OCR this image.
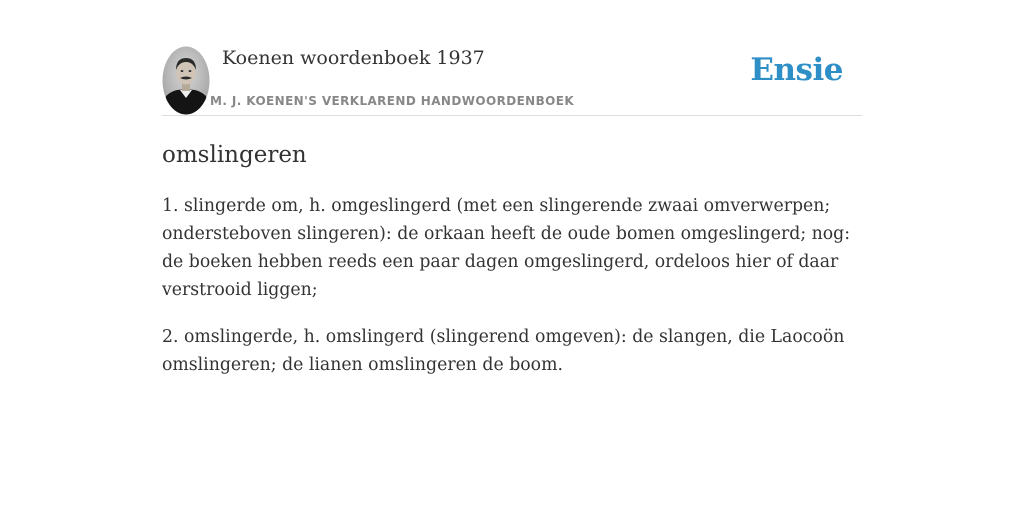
Koenen woordenboek 1937
M. J. KOENEN'S VERKLAREND HANDWOORDENBOEK
Ensie
omslingeren

1. slingerde om, h. omgeslingerd (met een slingerende zwaai omverwerpen; ondersteboven slingeren): de orkaan heeft de oude bomen omgeslingerd; nog: de boeken hebben reeds een paar dagen omgeslingerd, ordeloos hier of daar verstrooid liggen;

2. omslingerde, h. omslingerd (slingerend omgeven): de slangen, die Laocoön omslingeren; de lianen omslingeren de boom.
